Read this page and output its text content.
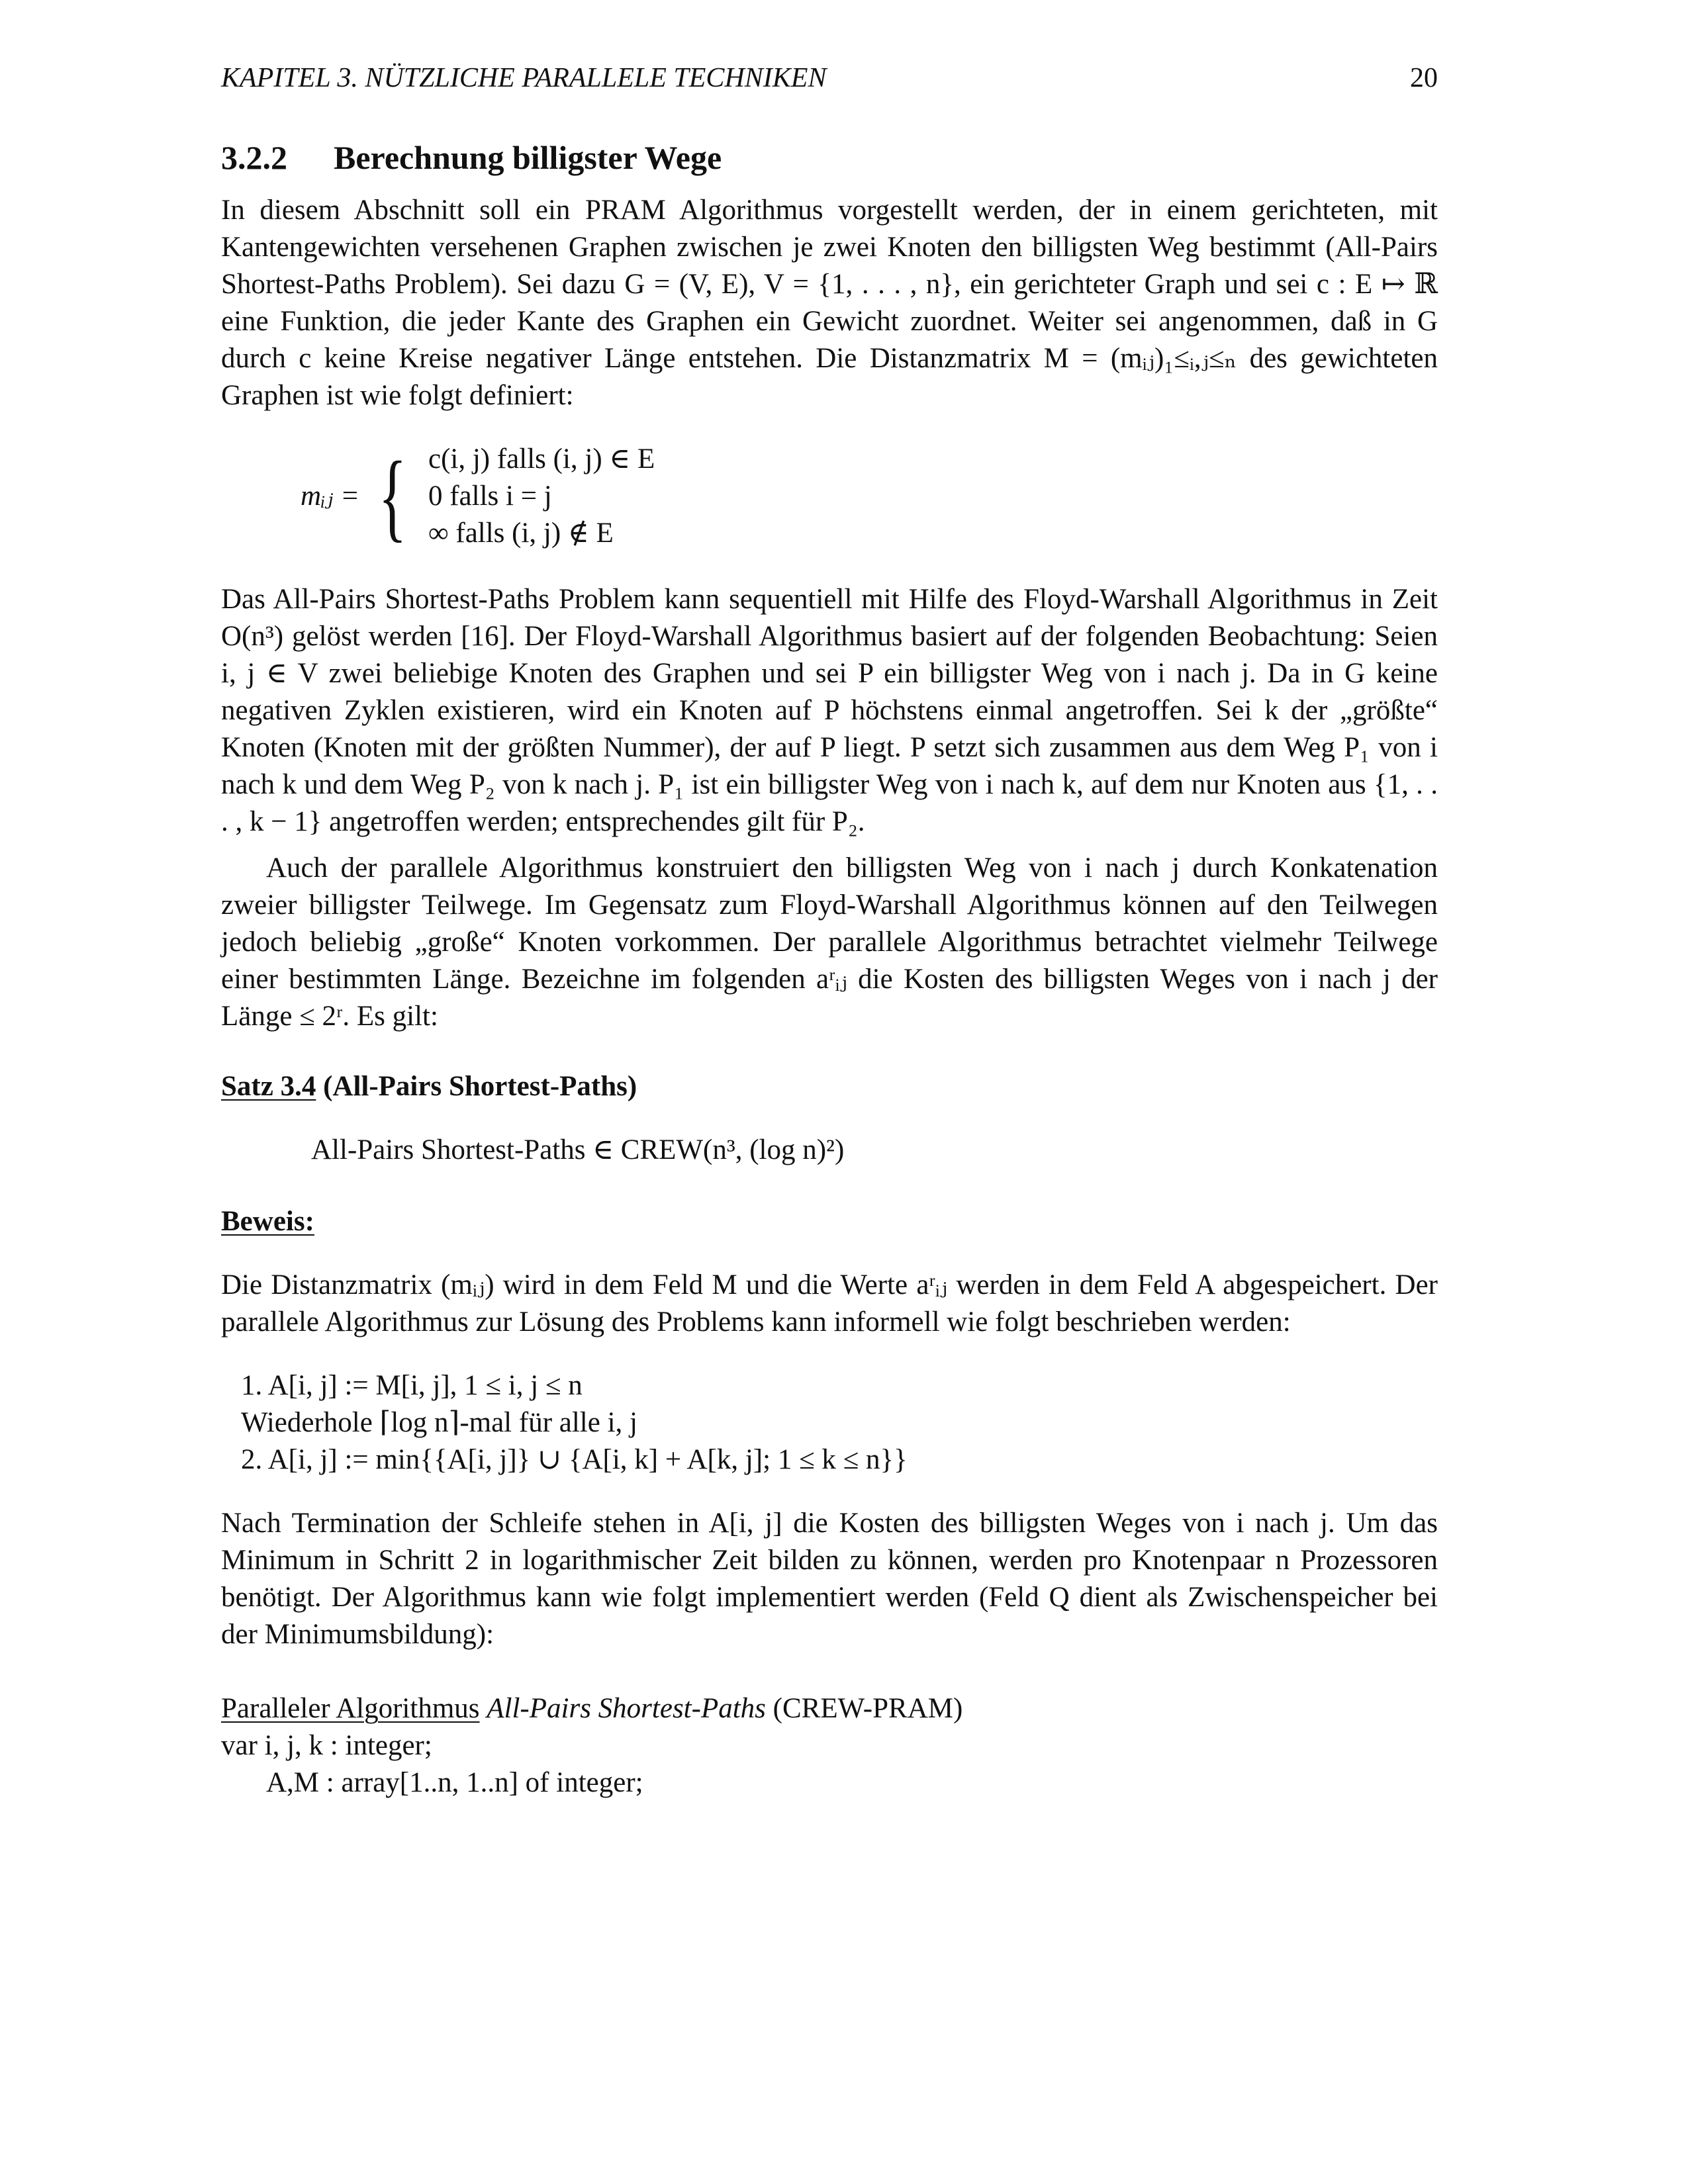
KAPITEL 3. NÜTZLICHE PARALLELE TECHNIKEN	20
3.2.2 Berechnung billigster Wege

In diesem Abschnitt soll ein PRAM Algorithmus vorgestellt werden, der in einem gerichteten, mit Kantengewichten versehenen Graphen zwischen je zwei Knoten den billigsten Weg bestimmt (All-Pairs Shortest-Paths Problem). Sei dazu G = (V, E), V = {1, . . . , n}, ein gerichteter Graph und sei c : E ↦ ℝ eine Funktion, die jeder Kante des Graphen ein Gewicht zuordnet. Weiter sei angenommen, daß in G durch c keine Kreise negativer Länge entstehen. Die Distanzmatrix M = (mᵢⱼ)₁≤ᵢ,ⱼ≤ₙ des gewichteten Graphen ist wie folgt definiert:

mᵢⱼ = { c(i, j) falls (i, j) ∈ E
0 falls i = j
∞ falls (i, j) ∉ E

Das All-Pairs Shortest-Paths Problem kann sequentiell mit Hilfe des Floyd-Warshall Algorithmus in Zeit O(n³) gelöst werden [16]. Der Floyd-Warshall Algorithmus basiert auf der folgenden Beobachtung: Seien i, j ∈ V zwei beliebige Knoten des Graphen und sei P ein billigster Weg von i nach j. Da in G keine negativen Zyklen existieren, wird ein Knoten auf P höchstens einmal angetroffen. Sei k der „größte“ Knoten (Knoten mit der größten Nummer), der auf P liegt. P setzt sich zusammen aus dem Weg P₁ von i nach k und dem Weg P₂ von k nach j. P₁ ist ein billigster Weg von i nach k, auf dem nur Knoten aus {1, . . . , k − 1} angetroffen werden; entsprechendes gilt für P₂.

Auch der parallele Algorithmus konstruiert den billigsten Weg von i nach j durch Konkatenation zweier billigster Teilwege. Im Gegensatz zum Floyd-Warshall Algorithmus können auf den Teilwegen jedoch beliebig „große“ Knoten vorkommen. Der parallele Algorithmus betrachtet vielmehr Teilwege einer bestimmten Länge. Bezeichne im folgenden aʳᵢⱼ die Kosten des billigsten Weges von i nach j der Länge ≤ 2ʳ. Es gilt:

Satz 3.4 (All-Pairs Shortest-Paths)
All-Pairs Shortest-Paths ∈ CREW(n³, (log n)²)
Beweis:

Die Distanzmatrix (mᵢⱼ) wird in dem Feld M und die Werte aʳᵢⱼ werden in dem Feld A abgespeichert. Der parallele Algorithmus zur Lösung des Problems kann informell wie folgt beschrieben werden:

1. A[i, j] := M[i, j], 1 ≤ i, j ≤ n
Wiederhole ⌈log n⌉-mal für alle i, j
2. A[i, j] := min{{A[i, j]} ∪ {A[i, k] + A[k, j]; 1 ≤ k ≤ n}}

Nach Termination der Schleife stehen in A[i, j] die Kosten des billigsten Weges von i nach j. Um das Minimum in Schritt 2 in logarithmischer Zeit bilden zu können, werden pro Knotenpaar n Prozessoren benötigt. Der Algorithmus kann wie folgt implementiert werden (Feld Q dient als Zwischenspeicher bei der Minimumsbildung):

Paralleler Algorithmus All-Pairs Shortest-Paths (CREW-PRAM)
var i, j, k : integer;
A,M : array[1..n, 1..n] of integer;
